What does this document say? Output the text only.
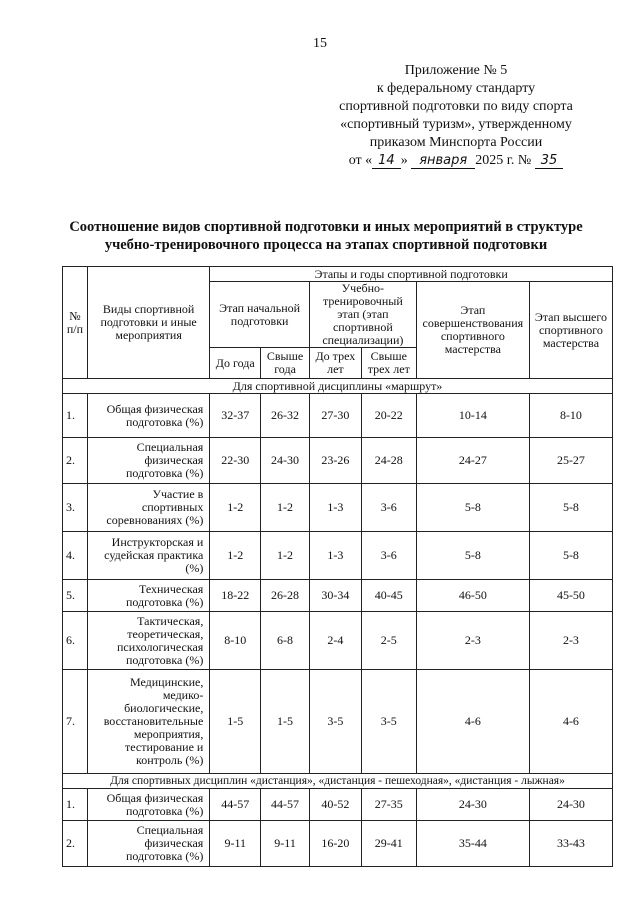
15
Приложение № 5
к федеральному стандарту
спортивной подготовки по виду спорта
«спортивный туризм», утвержденному
приказом Минспорта России
от « 14 » января 2025 г. № 35
Соотношение видов спортивной подготовки и иных мероприятий в структуре
учебно-тренировочного процесса на этапах спортивной подготовки
№ п/п	Виды спортивной подготовки и иные мероприятия	Этапы и годы спортивной подготовки					
		Этап начальной подготовки		Учебно-тренировочный этап (этап спортивной специализации)		Этап совершенствования спортивного мастерства	Этап высшего спортивного мастерства
		До года	Свыше года	До трех лет	Свыше трех лет		
Для спортивной дисциплины «маршрут»							
1.	Общая физическая подготовка (%)	32-37	26-32	27-30	20-22	10-14	8-10
2.	Специальная физическая подготовка (%)	22-30	24-30	23-26	24-28	24-27	25-27
3.	Участие в спортивных соревнованиях (%)	1-2	1-2	1-3	3-6	5-8	5-8
4.	Инструкторская и судейская практика (%)	1-2	1-2	1-3	3-6	5-8	5-8
5.	Техническая подготовка (%)	18-22	26-28	30-34	40-45	46-50	45-50
6.	Тактическая, теоретическая, психологическая подготовка (%)	8-10	6-8	2-4	2-5	2-3	2-3
7.	Медицинские, медико-биологические, восстановительные мероприятия, тестирование и контроль (%)	1-5	1-5	3-5	3-5	4-6	4-6
Для спортивных дисциплин «дистанция», «дистанция - пешеходная», «дистанция - лыжная»							
1.	Общая физическая подготовка (%)	44-57	44-57	40-52	27-35	24-30	24-30
2.	Специальная физическая подготовка (%)	9-11	9-11	16-20	29-41	35-44	33-43
